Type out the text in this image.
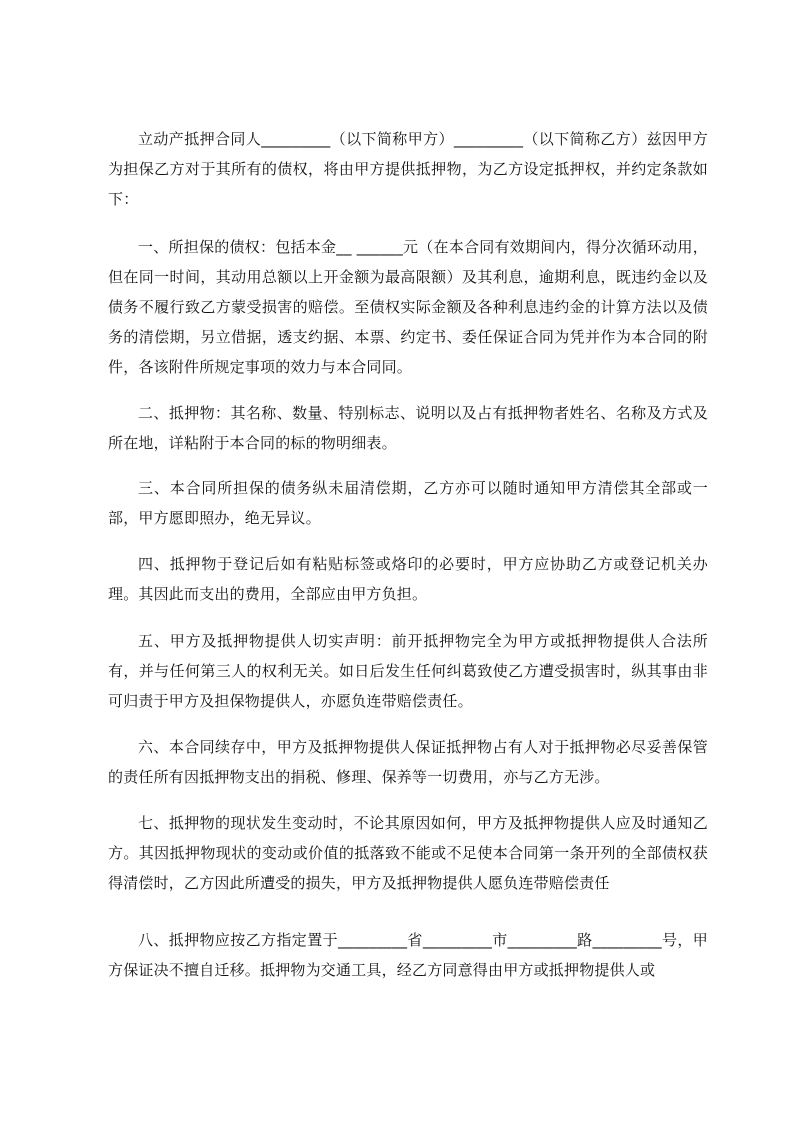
立动产抵押合同人_________（以下简称甲方）_________（以下简称乙方）兹因甲方为担保乙方对于其所有的债权，将由甲方提供抵押物，为乙方设定抵押权，并约定条款如下：

一、所担保的债权：包括本金__ ______元（在本合同有效期间内，得分次循环动用，但在同一时间，其动用总额以上开金额为最高限额）及其利息，逾期利息，既违约金以及债务不履行致乙方蒙受损害的赔偿。至债权实际金额及各种利息违约金的计算方法以及债务的清偿期，另立借据，透支约据、本票、约定书、委任保证合同为凭并作为本合同的附件，各该附件所规定事项的效力与本合同同。

二、抵押物：其名称、数量、特别标志、说明以及占有抵押物者姓名、名称及方式及所在地，详粘附于本合同的标的物明细表。

三、本合同所担保的债务纵未届清偿期，乙方亦可以随时通知甲方清偿其全部或一部，甲方愿即照办，绝无异议。

四、抵押物于登记后如有粘贴标签或烙印的必要时，甲方应协助乙方或登记机关办理。其因此而支出的费用，全部应由甲方负担。

五、甲方及抵押物提供人切实声明：前开抵押物完全为甲方或抵押物提供人合法所有，并与任何第三人的权利无关。如日后发生任何纠葛致使乙方遭受损害时，纵其事由非可归责于甲方及担保物提供人，亦愿负连带赔偿责任。

六、本合同续存中，甲方及抵押物提供人保证抵押物占有人对于抵押物必尽妥善保管的责任所有因抵押物支出的捐税、修理、保养等一切费用，亦与乙方无涉。

七、抵押物的现状发生变动时，不论其原因如何，甲方及抵押物提供人应及时通知乙方。其因抵押物现状的变动或价值的抵落致不能或不足使本合同第一条开列的全部债权获得清偿时，乙方因此所遭受的损失，甲方及抵押物提供人愿负连带赔偿责任

八、抵押物应按乙方指定置于_________省_________市_________路_________号，甲方保证决不擅自迁移。抵押物为交通工具，经乙方同意得由甲方或抵押物提供人或
